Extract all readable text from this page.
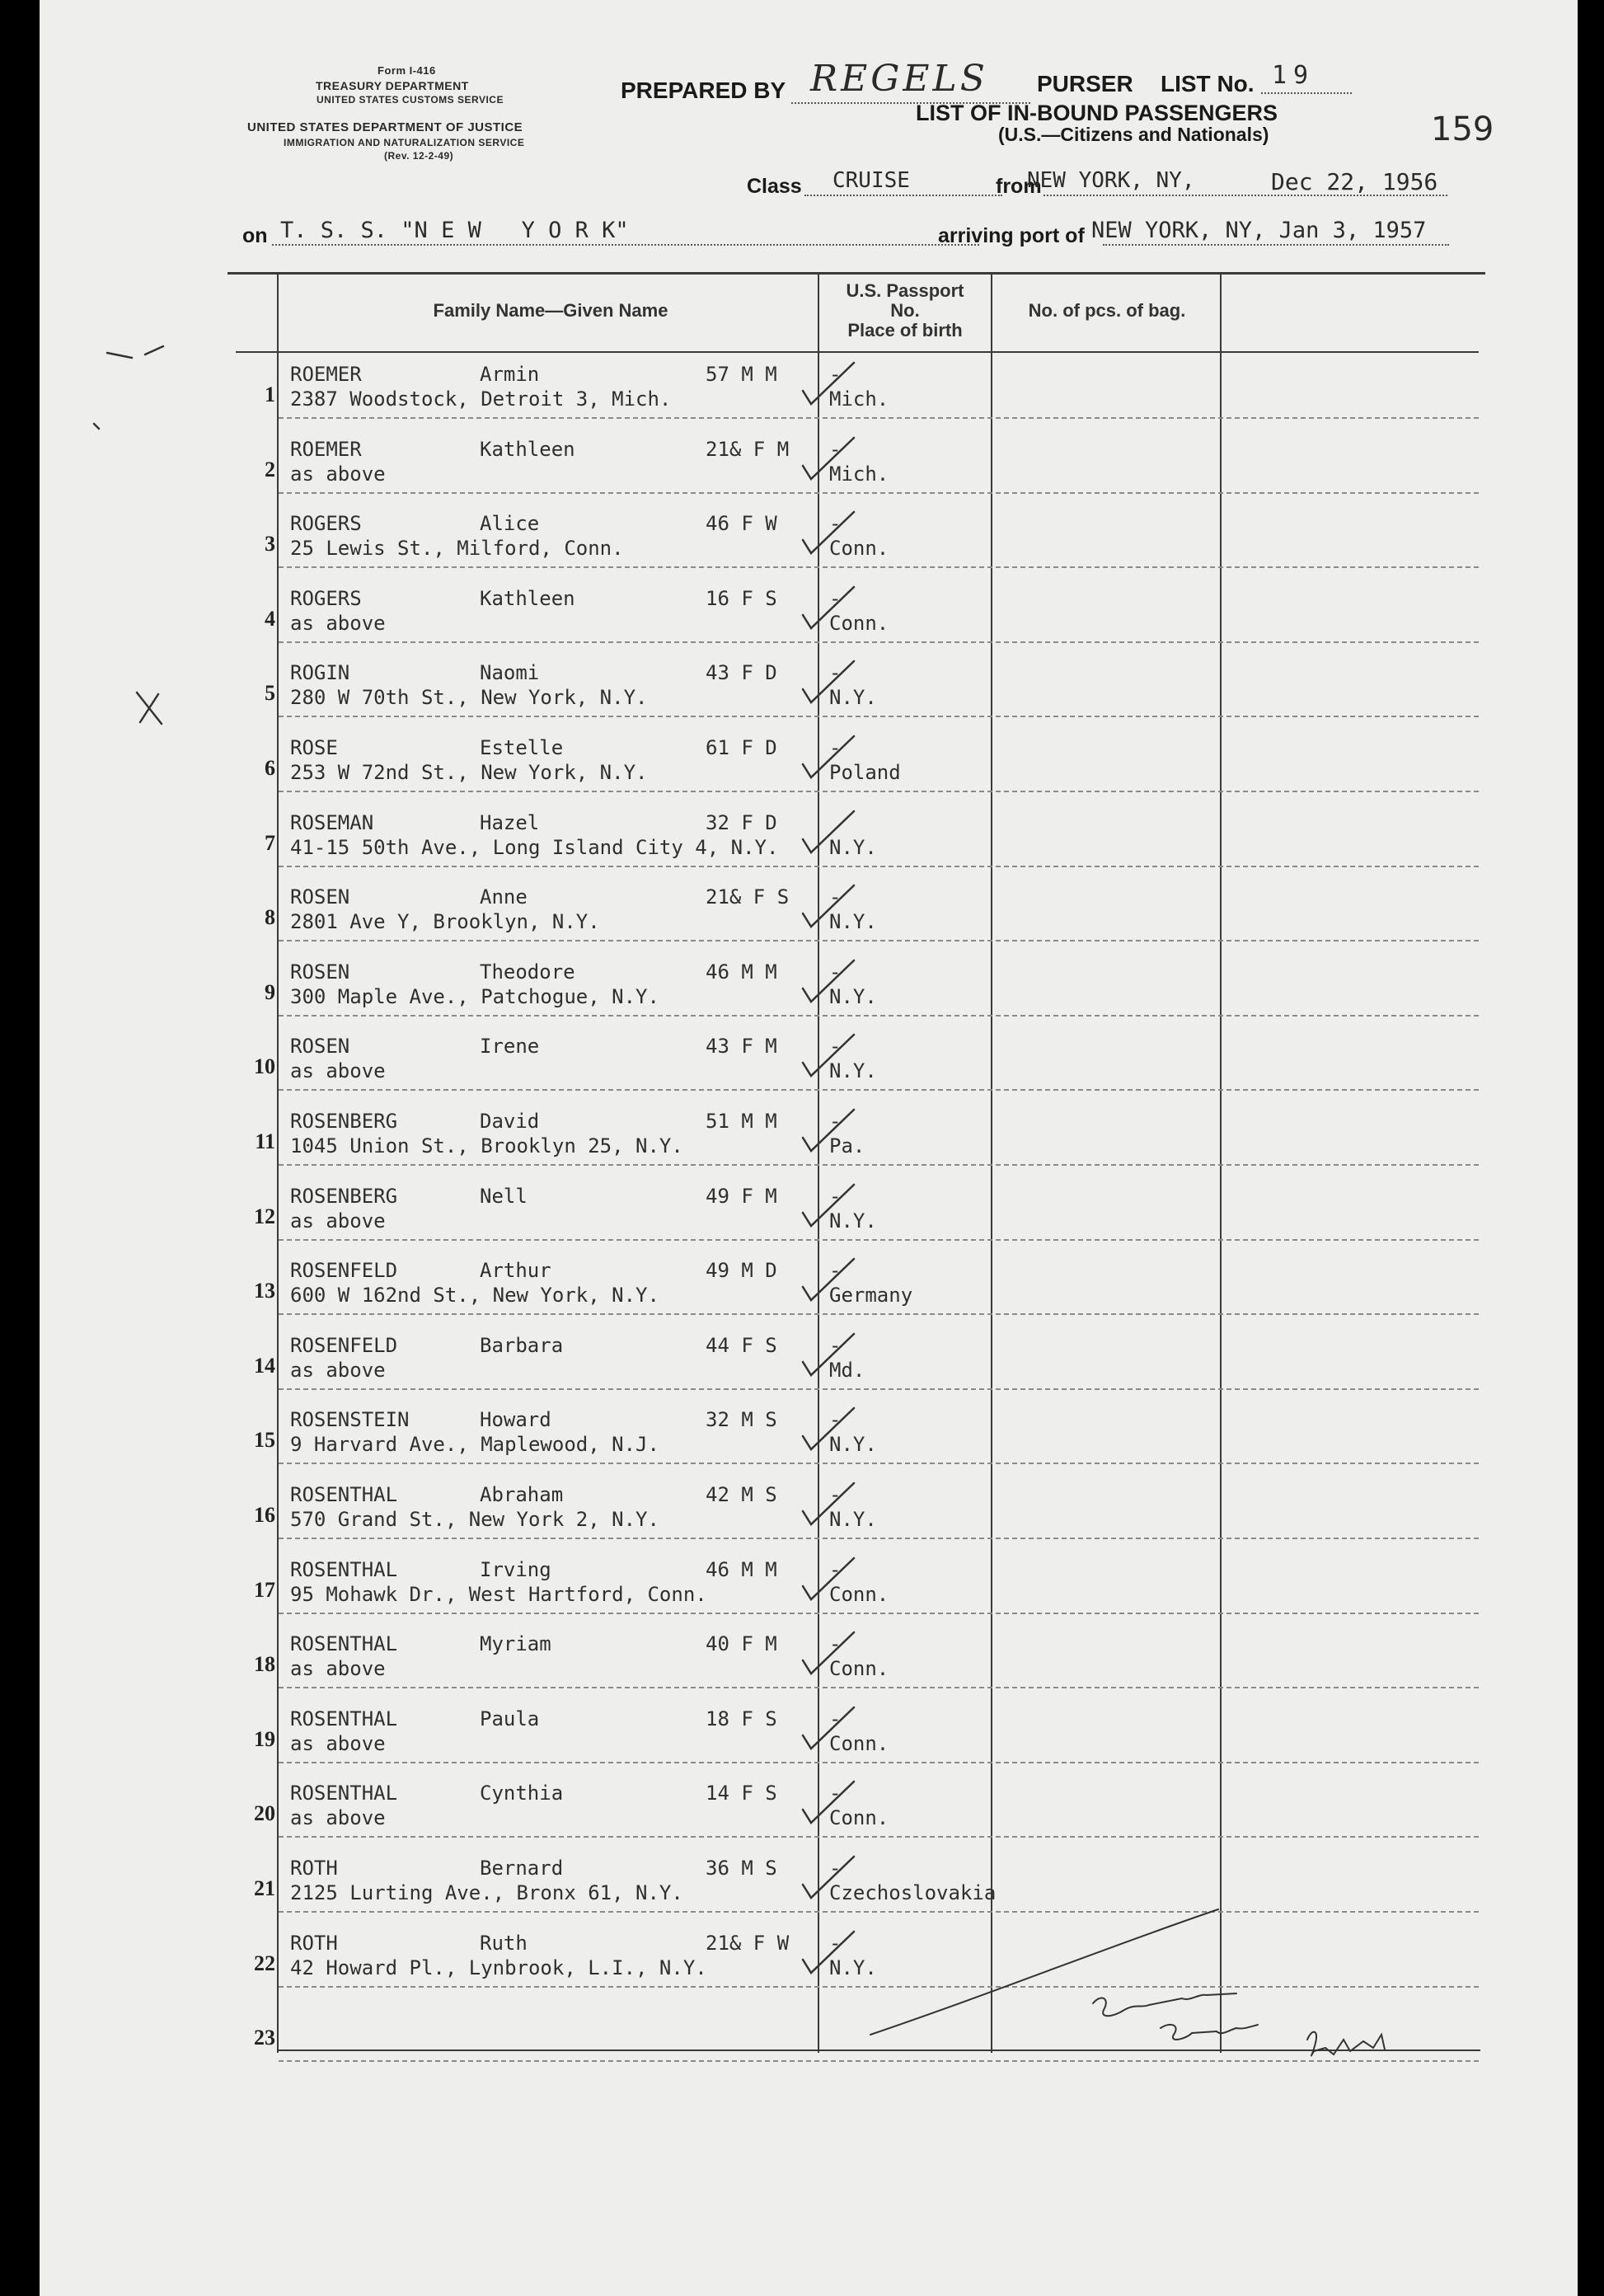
Form I-416
TREASURY DEPARTMENT
UNITED STATES CUSTOMS SERVICE
UNITED STATES DEPARTMENT OF JUSTICE
IMMIGRATION AND NATURALIZATION SERVICE
(Rev. 12-2-49)
PREPARED BY REGELS PURSER LIST No. 19
LIST OF IN-BOUND PASSENGERS
(U.S.—Citizens and Nationals)	159
Class CRUISE	from
NEW YORK, NY,	Dec 22, 1956
on T. S. S. "N E W   Y O R K"	arriving port of NEW YORK, NY, Jan 3, 1957
Family Name—Given Name
U.S. Passport
No.
Place of birth
No. of pcs. of bag.
1
ROEMER	Armin	57 M M
2387 Woodstock, Detroit 3, Mich.
-
Mich.
2
ROEMER	Kathleen	21& F M
as above
-
Mich.
3
ROGERS	Alice	46 F W
25 Lewis St., Milford, Conn.
-
Conn.
4
ROGERS	Kathleen	16 F S
as above
-
Conn.
5
ROGIN	Naomi	43 F D
280 W 70th St., New York, N.Y.
-
N.Y.
6
ROSE	Estelle	61 F D
253 W 72nd St., New York, N.Y.
-
Poland
7
ROSEMAN	Hazel	32 F D
41-15 50th Ave., Long Island City 4, N.Y.	N.Y.
8
ROSEN	Anne	21& F S
2801 Ave Y, Brooklyn, N.Y.
-
N.Y.
9
ROSEN	Theodore	46 M M
300 Maple Ave., Patchogue, N.Y.
-
N.Y.
10
ROSEN	Irene	43 F M
as above
-
N.Y.
11
ROSENBERG	David	51 M M
1045 Union St., Brooklyn 25, N.Y.
-
Pa.
12
ROSENBERG	Nell	49 F M
as above
-
N.Y.
13
ROSENFELD	Arthur	49 M D
600 W 162nd St., New York, N.Y.
-
Germany
14
ROSENFELD	Barbara	44 F S
as above
-
Md.
15
ROSENSTEIN	Howard	32 M S
9 Harvard Ave., Maplewood, N.J.
-
N.Y.
16
ROSENTHAL	Abraham	42 M S
570 Grand St., New York 2, N.Y.
-
N.Y.
17
ROSENTHAL	Irving	46 M M
95 Mohawk Dr., West Hartford, Conn.
-
Conn.
18
ROSENTHAL	Myriam	40 F M
as above
-
Conn.
19
ROSENTHAL	Paula	18 F S
as above
-
Conn.
20
ROSENTHAL	Cynthia	14 F S
as above
-
Conn.
21
ROTH	Bernard	36 M S
2125 Lurting Ave., Bronx 61, N.Y.
-
Czechoslovakia
22
ROTH	Ruth	21& F W
42 Howard Pl., Lynbrook, L.I., N.Y.
-
N.Y.
23
